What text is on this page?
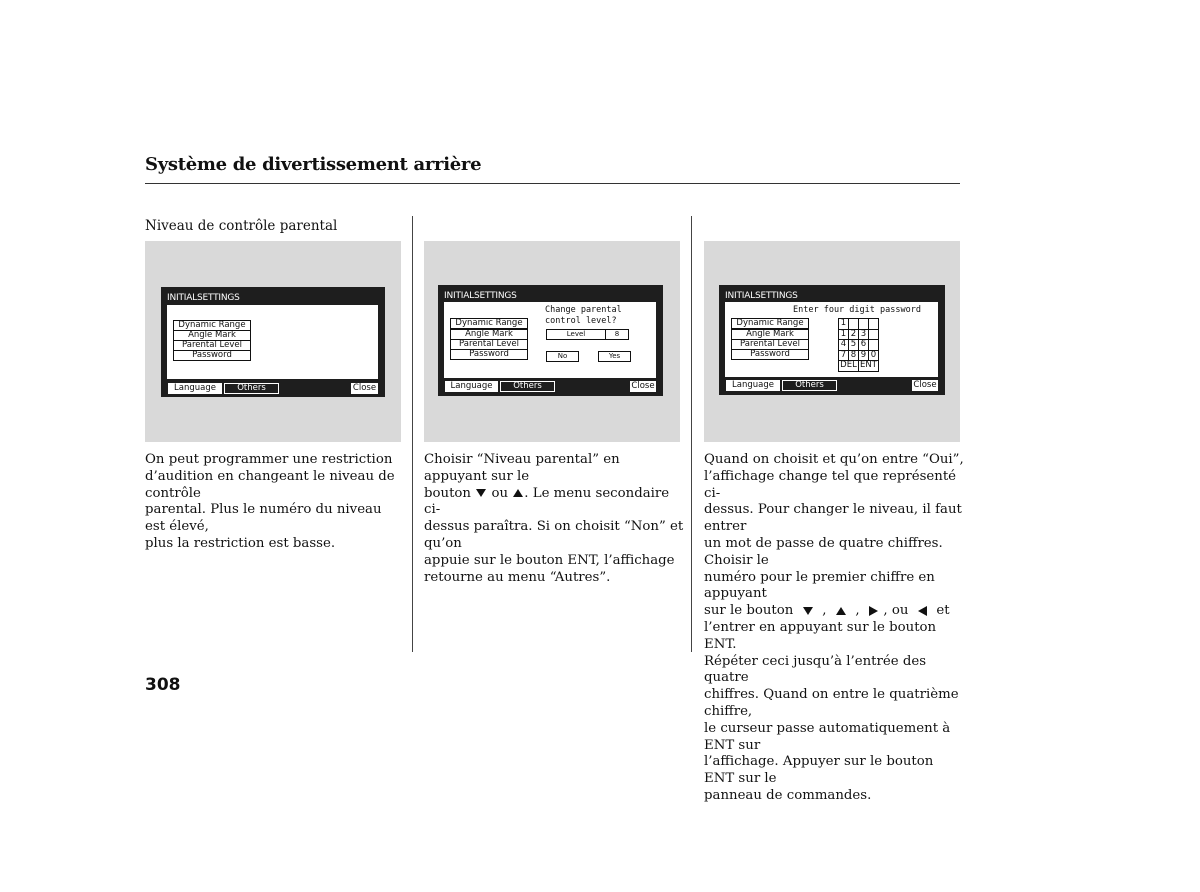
Système de divertissement arrière
Niveau de contrôle parental
INITIALSETTINGS
Dynamic Range
Angle Mark
Parental Level
Password
Language	Others	Close
INITIALSETTINGS
Dynamic Range
Angle Mark
Parental Level
Password
Change parental
control level?
Level	8
No	Yes
Language	Others	Close
INITIALSETTINGS
Enter four digit password
Dynamic Range
Angle Mark
Parental Level
Password
1			
1	2	3	
4	5	6	
7	8	9	0
DEL		ENT	
Language	Others	Close
On peut programmer une restriction
d’audition en changeant le niveau de contrôle
parental. Plus le numéro du niveau est élevé,
plus la restriction est basse.
Choisir “Niveau parental” en appuyant sur le
bouton ou . Le menu secondaire ci-
dessus paraîtra. Si on choisit “Non” et qu’on
appuie sur le bouton ENT, l’affichage
retourne au menu “Autres”.
Quand on choisit et qu’on entre “Oui”,
l’affichage change tel que représenté ci-
dessus. Pour changer le niveau, il faut entrer
un mot de passe de quatre chiffres. Choisir le
numéro pour le premier chiffre en appuyant
sur le bouton , , , ou et
l’entrer en appuyant sur le bouton ENT.
Répéter ceci jusqu’à l’entrée des quatre
chiffres. Quand on entre le quatrième chiffre,
le curseur passe automatiquement à ENT sur
l’affichage. Appuyer sur le bouton ENT sur le
panneau de commandes.
308
